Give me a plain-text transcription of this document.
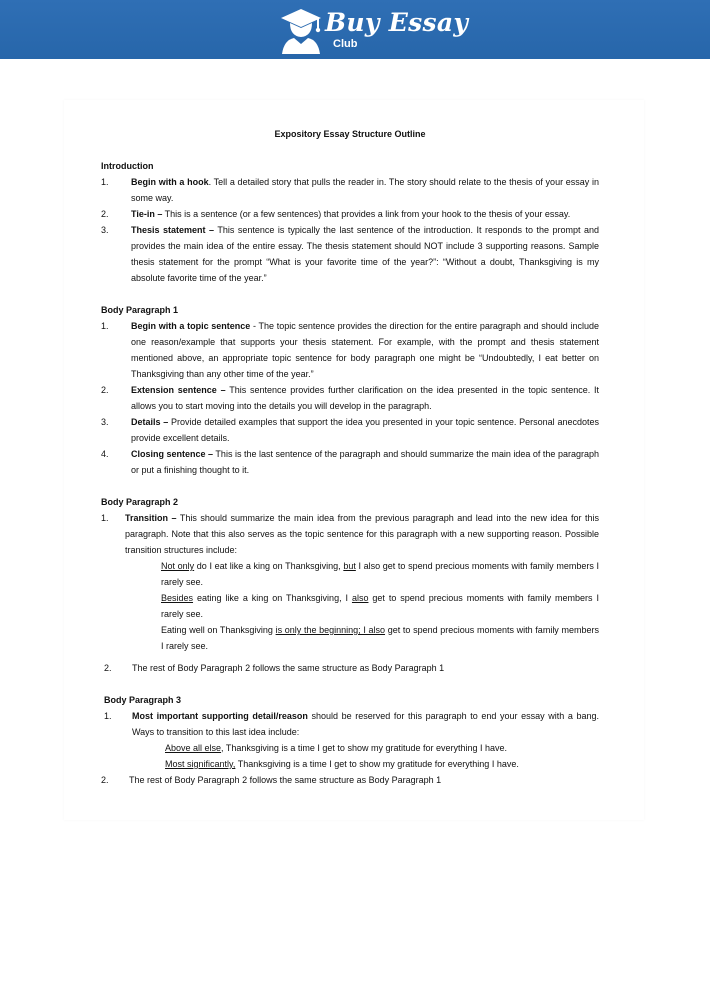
Buy Essay
Club

Expository Essay Structure Outline

Introduction

1. Begin with a hook. Tell a detailed story that pulls the reader in. The story should relate to the thesis of your essay in some way.
2. Tie-in – This is a sentence (or a few sentences) that provides a link from your hook to the thesis of your essay.
3. Thesis statement – This sentence is typically the last sentence of the introduction. It responds to the prompt and provides the main idea of the entire essay. The thesis statement should NOT include 3 supporting reasons. Sample thesis statement for the prompt “What is your favorite time of the year?”: “Without a doubt, Thanksgiving is my absolute favorite time of the year.”

Body Paragraph 1

1. Begin with a topic sentence - The topic sentence provides the direction for the entire paragraph and should include one reason/example that supports your thesis statement. For example, with the prompt and thesis statement mentioned above, an appropriate topic sentence for body paragraph one might be “Undoubtedly, I eat better on Thanksgiving than any other time of the year.”
2. Extension sentence – This sentence provides further clarification on the idea presented in the topic sentence. It allows you to start moving into the details you will develop in the paragraph.
3. Details – Provide detailed examples that support the idea you presented in your topic sentence. Personal anecdotes provide excellent details.
4. Closing sentence – This is the last sentence of the paragraph and should summarize the main idea of the paragraph or put a finishing thought to it.

Body Paragraph 2

1. Transition – This should summarize the main idea from the previous paragraph and lead into the new idea for this paragraph. Note that this also serves as the topic sentence for this paragraph with a new supporting reason. Possible transition structures include:
Not only do I eat like a king on Thanksgiving, but I also get to spend precious moments with family members I rarely see.
Besides eating like a king on Thanksgiving, I also get to spend precious moments with family members I rarely see.
Eating well on Thanksgiving is only the beginning; I also get to spend precious moments with family members I rarely see.
2. The rest of Body Paragraph 2 follows the same structure as Body Paragraph 1

Body Paragraph 3

1. Most important supporting detail/reason should be reserved for this paragraph to end your essay with a bang. Ways to transition to this last idea include:
Above all else, Thanksgiving is a time I get to show my gratitude for everything I have.
Most significantly, Thanksgiving is a time I get to show my gratitude for everything I have.
2. The rest of Body Paragraph 2 follows the same structure as Body Paragraph 1
